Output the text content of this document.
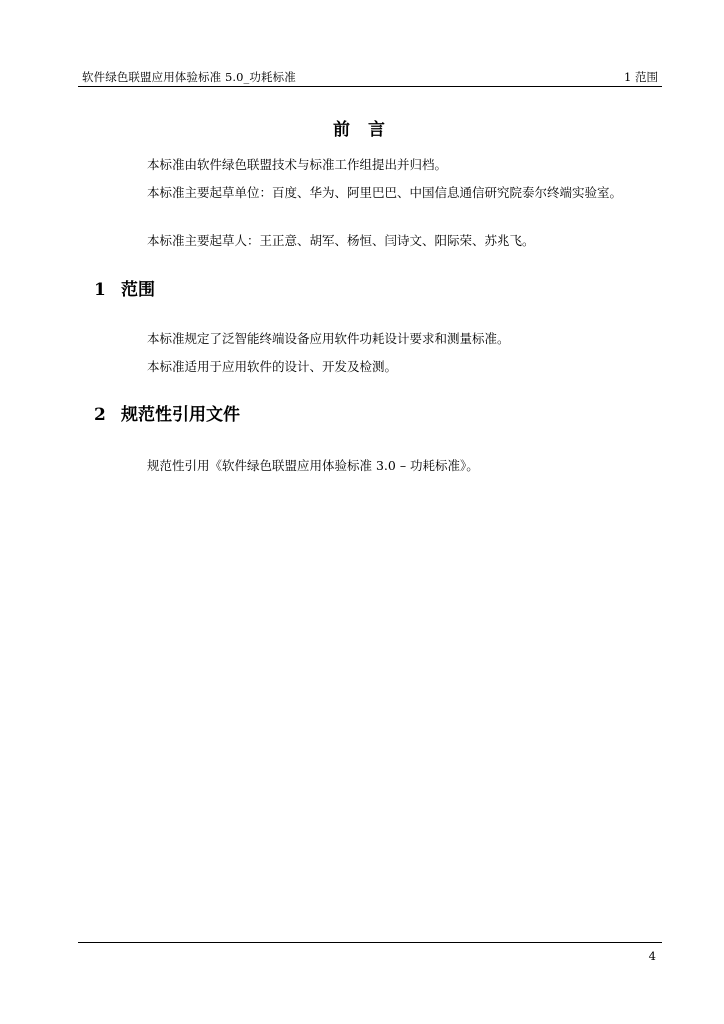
软件绿色联盟应用体验标准 5.0_功耗标准	1 范围
前 言
本标准由软件绿色联盟技术与标准工作组提出并归档。
本标准主要起草单位：百度、华为、阿里巴巴、中国信息通信研究院泰尔终端实验室。
本标准主要起草人：王正意、胡军、杨恒、闫诗文、阳际荣、苏兆飞。
1 范围
本标准规定了泛智能终端设备应用软件功耗设计要求和测量标准。
本标准适用于应用软件的设计、开发及检测。
2 规范性引用文件
规范性引用《软件绿色联盟应用体验标准 3.0 – 功耗标准》。
4
